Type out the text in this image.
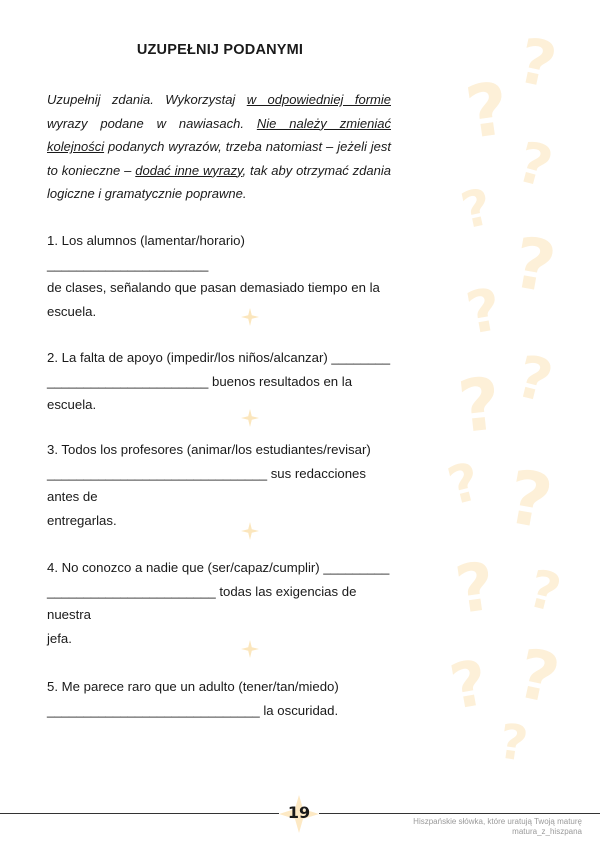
?
?
?
?
?
?
?
?
? ?
? ?
?
?
?
UZUPEŁNIJ PODANYMI
Uzupełnij zdania. Wykorzystaj w odpowiedniej formie wyrazy podane w nawiasach. Nie należy zmieniać kolejności podanych wyrazów, trzeba natomiast – jeżeli jest to konieczne – dodać inne wyrazy, tak aby otrzymać zdania logiczne i gramatycznie poprawne.
1. Los alumnos (lamentar/horario) ______________________
de clases, señalando que pasan demasiado tiempo en la
escuela.
2. La falta de apoyo (impedir/los niños/alcanzar) ________
______________________ buenos resultados en la escuela.
3. Todos los profesores (animar/los estudiantes/revisar)
______________________________ sus redacciones antes de
entregarlas.
4. No conozco a nadie que (ser/capaz/cumplir) _________
_______________________ todas las exigencias de nuestra
jefa.
5. Me parece raro que un adulto (tener/tan/miedo)
_____________________________ la oscuridad.
19	Hiszpańskie słówka, które uratują Twoją maturę
matura_z_hiszpana
